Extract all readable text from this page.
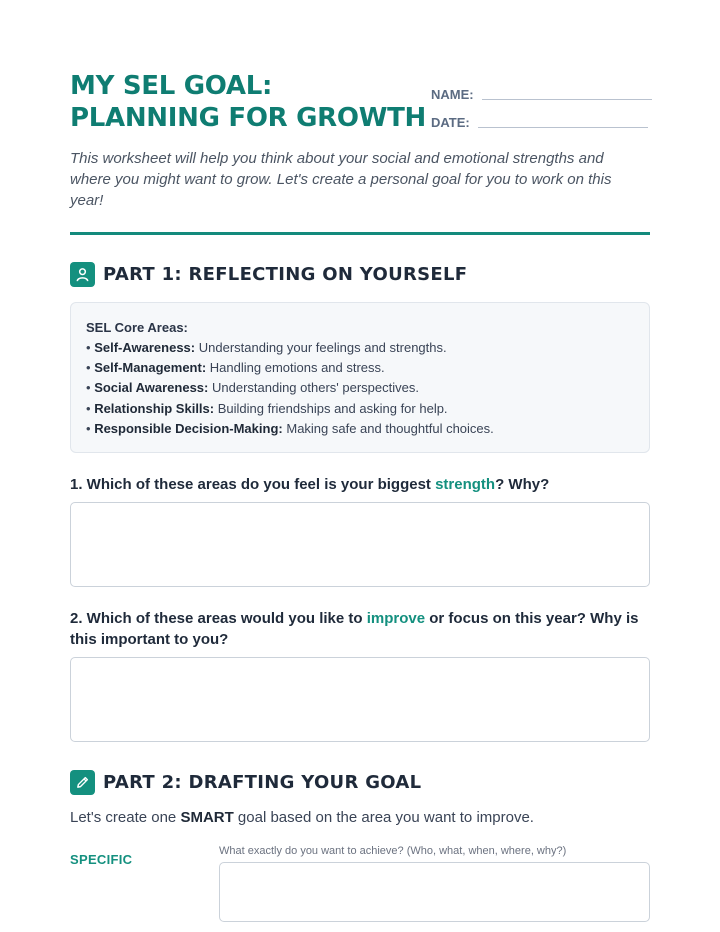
MY SEL GOAL: PLANNING FOR GROWTH
NAME:
DATE:

This worksheet will help you think about your social and emotional strengths and where you might want to grow. Let's create a personal goal for you to work on this year!

PART 1: REFLECTING ON YOURSELF
SEL Core Areas:
• Self-Awareness: Understanding your feelings and strengths.
• Self-Management: Handling emotions and stress.
• Social Awareness: Understanding others' perspectives.
• Relationship Skills: Building friendships and asking for help.
• Responsible Decision-Making: Making safe and thoughtful choices.
1. Which of these areas do you feel is your biggest strength? Why?
2. Which of these areas would you like to improve or focus on this year? Why is this important to you?
PART 2: DRAFTING YOUR GOAL

Let's create one SMART goal based on the area you want to improve.

SPECIFIC
What exactly do you want to achieve? (Who, what, when, where, why?)
